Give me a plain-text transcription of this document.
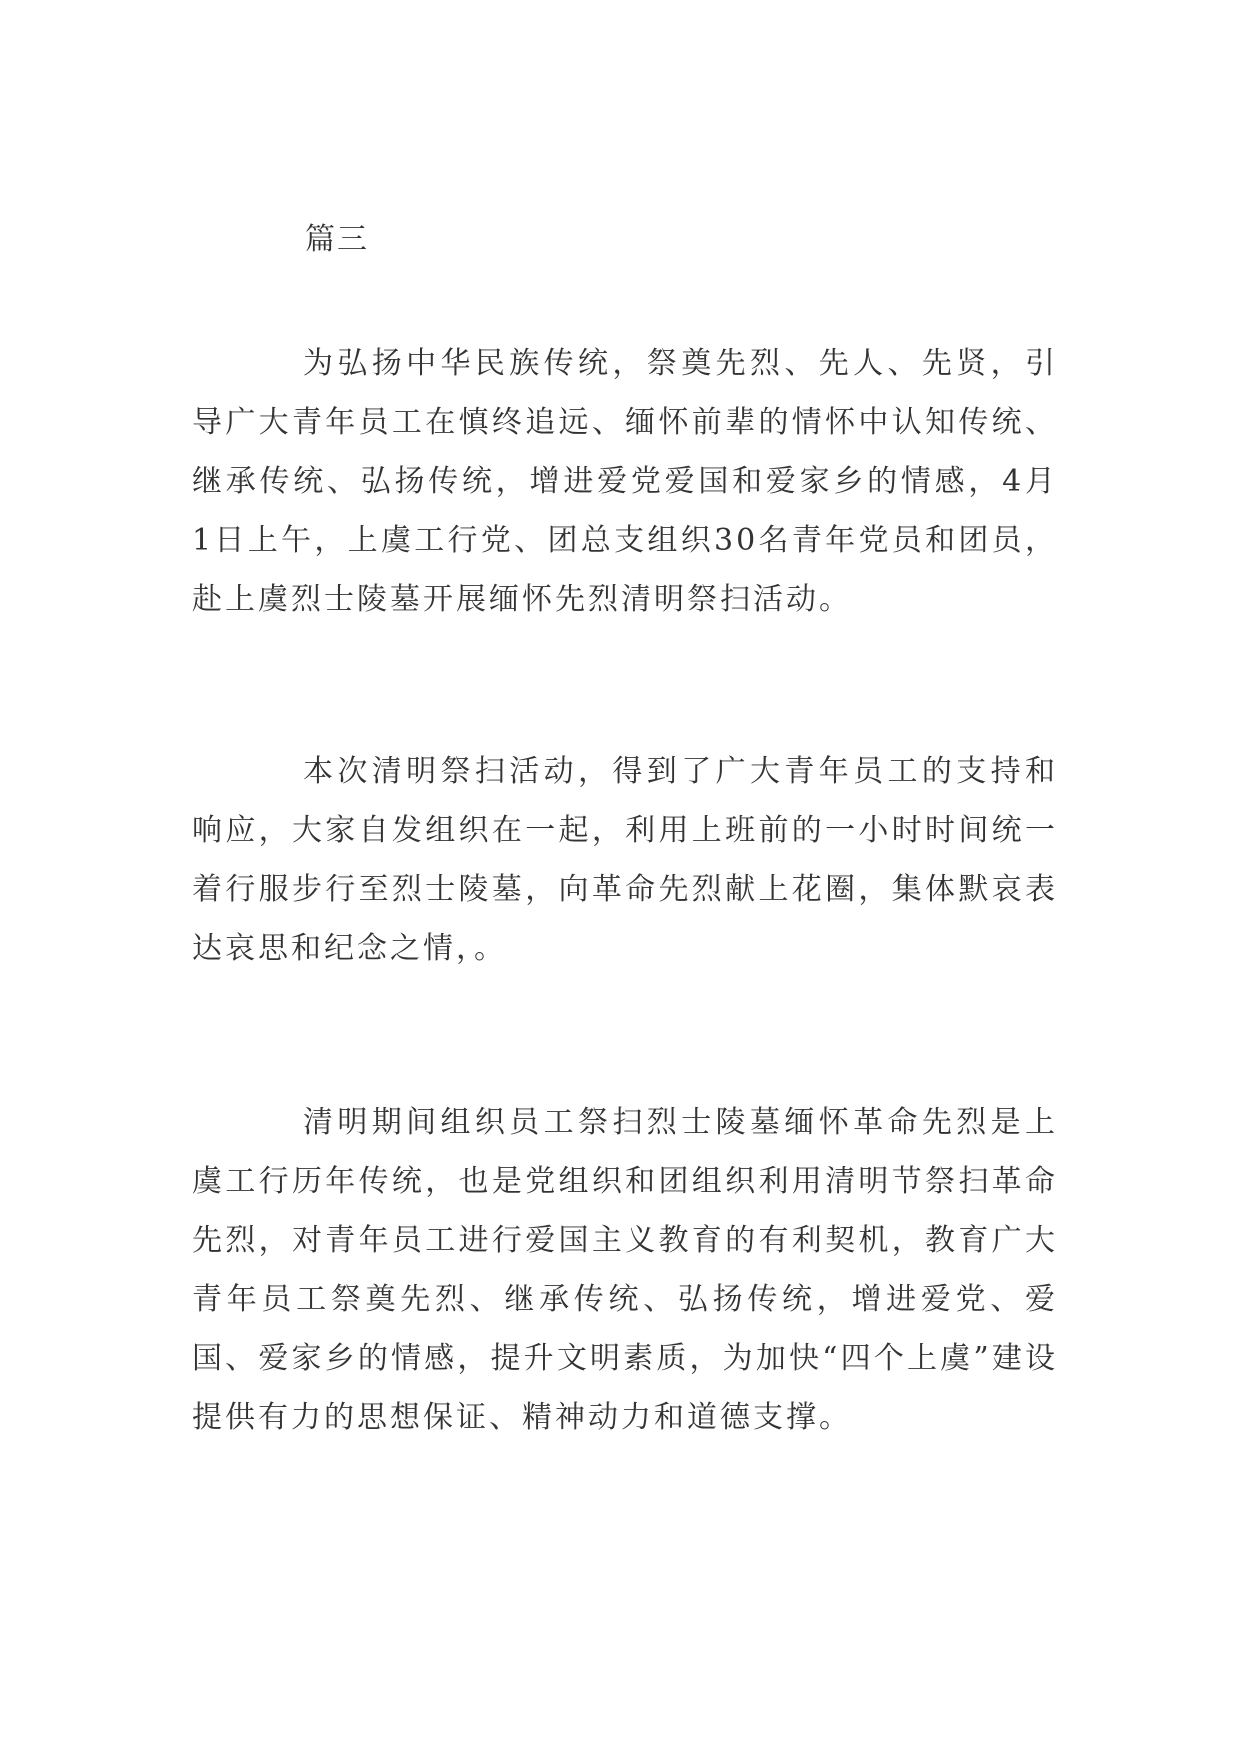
篇三

为弘扬中华民族传统，祭奠先烈、先人、先贤，引导广大青年员工在慎终追远、缅怀前辈的情怀中认知传统、继承传统、弘扬传统，增进爱党爱国和爱家乡的情感，4月1日上午，上虞工行党、团总支组织30名青年党员和团员，赴上虞烈士陵墓开展缅怀先烈清明祭扫活动。

本次清明祭扫活动，得到了广大青年员工的支持和响应，大家自发组织在一起，利用上班前的一小时时间统一着行服步行至烈士陵墓，向革命先烈献上花圈，集体默哀表达哀思和纪念之情，。

清明期间组织员工祭扫烈士陵墓缅怀革命先烈是上虞工行历年传统，也是党组织和团组织利用清明节祭扫革命先烈，对青年员工进行爱国主义教育的有利契机，教育广大青年员工祭奠先烈、继承传统、弘扬传统，增进爱党、爱国、爱家乡的情感，提升文明素质，为加快“四个上虞”建设提供有力的思想保证、精神动力和道德支撑。
